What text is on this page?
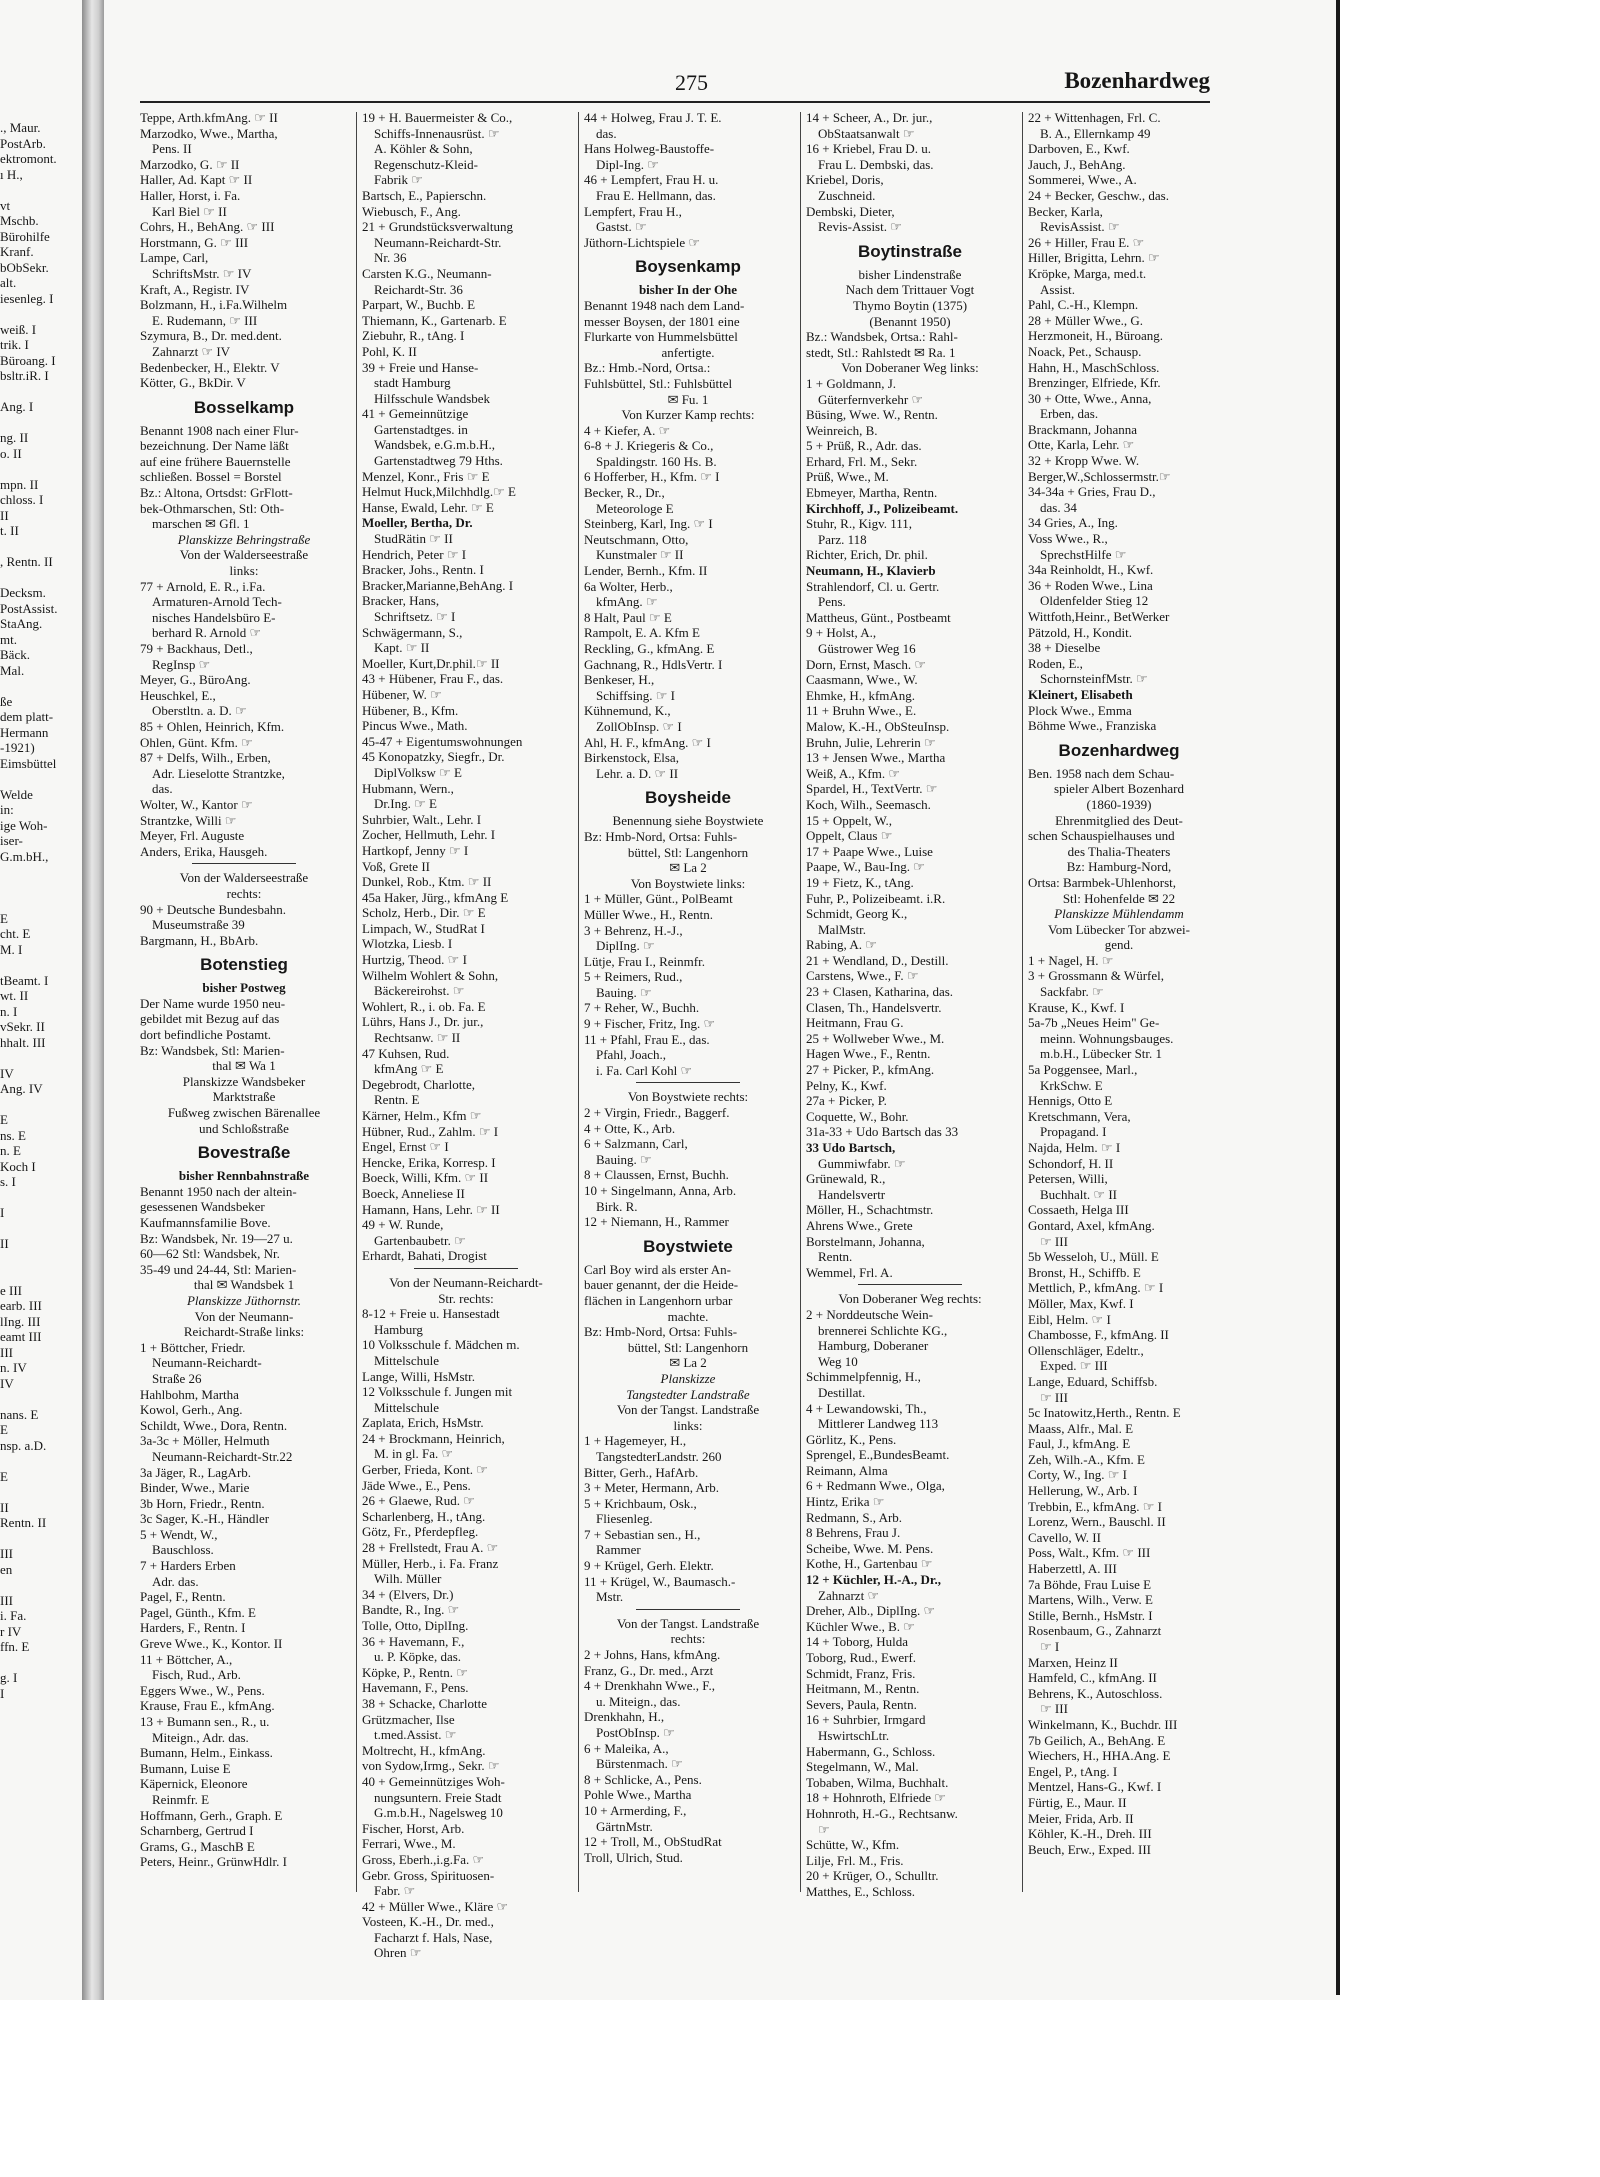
., Maur.
PostArb.
ektromont.
ı H.,

vt
Mschb.
Bürohilfe
Kranf.
bObSekr.
alt.
iesenleg. I

weiß. I
trik. I
Büroang. I
bsltr.iR. I

Ang. I

ng. II
o. II

mpn. II
chloss. I
II
t. II

, Rentn. II

Decksm.
PostAssist.
StaAng.
mt.
Bäck.
Mal.

ße
dem platt-
Hermann
-1921)
Eimsbüttel

Welde
in:
ige Woh-
iser-
G.m.bH.,

E
cht. E
M. I

tBeamt. I
wt. II
n. I
vSekr. II
hhalt. III

IV
Ang. IV

E
ns. E
n. E
Koch I
s. I

I

II

e III
earb. III
lIng. III
eamt III
III
n. IV
IV

nans. E
E
nsp. a.D.

E

II
Rentn. II

III
en

III
i. Fa.
r IV
ffn. E

g. I
I
275	Bozenhardweg
Teppe, Arth.kfmAng. ☞ II
Marzodko, Wwe., Martha,
Pens. II
Marzodko, G. ☞ II
Haller, Ad. Kapt ☞ II
Haller, Horst, i. Fa.
Karl Biel ☞ II
Cohrs, H., BehAng. ☞ III
Horstmann, G. ☞ III
Lampe, Carl,
SchriftsMstr. ☞ IV
Kraft, A., Registr. IV
Bolzmann, H., i.Fa.Wilhelm
E. Rudemann, ☞ III
Szymura, B., Dr. med.dent.
Zahnarzt ☞ IV
Bedenbecker, H., Elektr. V
Kötter, G., BkDir. V
Bosselkamp
Benannt 1908 nach einer Flur-
bezeichnung. Der Name läßt
auf eine frühere Bauernstelle
schließen. Bossel = Borstel
Bz.: Altona, Ortsdst: GrFlott-
bek-Othmarschen, Stl: Oth-
marschen ✉ Gfl. 1
Planskizze Behringstraße
Von der Walderseestraße
links:
77 + Arnold, E. R., i.Fa.
Armaturen-Arnold Tech-
nisches Handelsbüro E-
berhard R. Arnold ☞
79 + Backhaus, Detl.,
RegInsp ☞
Meyer, G., BüroAng.
Heuschkel, E.,
Oberstltn. a. D. ☞
85 + Ohlen, Heinrich, Kfm.
Ohlen, Günt. Kfm. ☞
87 + Delfs, Wilh., Erben,
Adr. Lieselotte Strantzke,
das.
Wolter, W., Kantor ☞
Strantzke, Willi ☞
Meyer, Frl. Auguste
Anders, Erika, Hausgeh.
Von der Walderseestraße
rechts:
90 + Deutsche Bundesbahn.
Museumstraße 39
Bargmann, H., BbArb.
Botenstieg
bisher Postweg
Der Name wurde 1950 neu-
gebildet mit Bezug auf das
dort befindliche Postamt.
Bz: Wandsbek, Stl: Marien-
thal ✉ Wa 1
Planskizze Wandsbeker
Marktstraße
Fußweg zwischen Bärenallee
und Schloßstraße
Bovestraße
bisher Rennbahnstraße
Benannt 1950 nach der altein-
gesessenen Wandsbeker
Kaufmannsfamilie Bove.
Bz: Wandsbek, Nr. 19—27 u.
60—62 Stl: Wandsbek, Nr.
35-49 und 24-44, Stl: Marien-
thal ✉ Wandsbek 1
Planskizze Jüthornstr.
Von der Neumann-
Reichardt-Straße links:
1 + Böttcher, Friedr.
Neumann-Reichardt-
Straße 26
Hahlbohm, Martha
Kowol, Gerh., Ang.
Schildt, Wwe., Dora, Rentn.
3a-3c + Möller, Helmuth
Neumann-Reichardt-Str.22
3a Jäger, R., LagArb.
Binder, Wwe., Marie
3b Horn, Friedr., Rentn.
3c Sager, K.-H., Händler
5 + Wendt, W.,
Bauschloss.
7 + Harders Erben
Adr. das.
Pagel, F., Rentn.
Pagel, Günth., Kfm. E
Harders, F., Rentn. I
Greve Wwe., K., Kontor. II
11 + Böttcher, A.,
Fisch, Rud., Arb.
Eggers Wwe., W., Pens.
Krause, Frau E., kfmAng.
13 + Bumann sen., R., u.
Miteign., Adr. das.
Bumann, Helm., Einkass.
Bumann, Luise E
Käpernick, Eleonore
Reinmfr. E
Hoffmann, Gerh., Graph. E
Scharnberg, Gertrud I
Grams, G., MaschB E
Peters, Heinr., GrünwHdlr. I
19 + H. Bauermeister & Co.,
Schiffs-Innenausrüst. ☞
A. Köhler & Sohn,
Regenschutz-Kleid-
Fabrik ☞
Bartsch, E., Papierschn.
Wiebusch, F., Ang.
21 + Grundstücksverwaltung
Neumann-Reichardt-Str.
Nr. 36
Carsten K.G., Neumann-
Reichardt-Str. 36
Parpart, W., Buchb. E
Thiemann, K., Gartenarb. E
Ziebuhr, R., tAng. I
Pohl, K. II
39 + Freie und Hanse-
stadt Hamburg
Hilfsschule Wandsbek
41 + Gemeinnützige
Gartenstadtges. in
Wandsbek, e.G.m.b.H.,
Gartenstadtweg 79 Hths.
Menzel, Konr., Fris ☞ E
Helmut Huck,Milchhdlg.☞ E
Hanse, Ewald, Lehr. ☞ E
Moeller, Bertha, Dr.
StudRätin ☞ II
Hendrich, Peter ☞ I
Bracker, Johs., Rentn. I
Bracker,Marianne,BehAng. I
Bracker, Hans,
Schriftsetz. ☞ I
Schwägermann, S.,
Kapt. ☞ II
Moeller, Kurt,Dr.phil.☞ II
43 + Hübener, Frau F., das.
Hübener, W. ☞
Hübener, B., Kfm.
Pincus Wwe., Math.
45-47 + Eigentumswohnungen
45 Konopatzky, Siegfr., Dr.
DiplVolksw ☞ E
Hubmann, Wern.,
Dr.Ing. ☞ E
Suhrbier, Walt., Lehr. I
Zocher, Hellmuth, Lehr. I
Hartkopf, Jenny ☞ I
Voß, Grete II
Dunkel, Rob., Ktm. ☞ II
45a Haker, Jürg., kfmAng E
Scholz, Herb., Dir. ☞ E
Limpach, W., StudRat I
Wlotzka, Liesb. I
Hurtzig, Theod. ☞ I
Wilhelm Wohlert & Sohn,
Bäckereirohst. ☞
Wohlert, R., i. ob. Fa. E
Lührs, Hans J., Dr. jur.,
Rechtsanw. ☞ II
47 Kuhsen, Rud.
kfmAng ☞ E
Degebrodt, Charlotte,
Rentn. E
Kärner, Helm., Kfm ☞
Hübner, Rud., Zahlm. ☞ I
Engel, Ernst ☞ I
Hencke, Erika, Korresp. I
Boeck, Willi, Kfm. ☞ II
Boeck, Anneliese II
Hamann, Hans, Lehr. ☞ II
49 + W. Runde,
Gartenbaubetr. ☞
Erhardt, Bahati, Drogist
Von der Neumann-Reichardt-
Str. rechts:
8-12 + Freie u. Hansestadt
Hamburg
10 Volksschule f. Mädchen m.
Mittelschule
Lange, Willi, HsMstr.
12 Volksschule f. Jungen mit
Mittelschule
Zaplata, Erich, HsMstr.
24 + Brockmann, Heinrich,
M. in gl. Fa. ☞
Gerber, Frieda, Kont. ☞
Jäde Wwe., E., Pens.
26 + Glaewe, Rud. ☞
Scharlenberg, H., tAng.
Götz, Fr., Pferdepfleg.
28 + Frellstedt, Frau A. ☞
Müller, Herb., i. Fa. Franz
Wilh. Müller
34 + (Elvers, Dr.)
Bandte, R., Ing. ☞
Tolle, Otto, DiplIng.
36 + Havemann, F.,
u. P. Köpke, das.
Köpke, P., Rentn. ☞
Havemann, F., Pens.
38 + Schacke, Charlotte
Grützmacher, Ilse
t.med.Assist. ☞
Moltrecht, H., kfmAng.
von Sydow,Irmg., Sekr. ☞
40 + Gemeinnütziges Woh-
nungsuntern. Freie Stadt
G.m.b.H., Nagelsweg 10
Fischer, Horst, Arb.
Ferrari, Wwe., M.
Gross, Eberh.,i.g.Fa. ☞
Gebr. Gross, Spirituosen-
Fabr. ☞
42 + Müller Wwe., Kläre ☞
Vosteen, K.-H., Dr. med.,
Facharzt f. Hals, Nase,
Ohren ☞
44 + Holweg, Frau J. T. E.
das.
Hans Holweg-Baustoffe-
Dipl-Ing. ☞
46 + Lempfert, Frau H. u.
Frau E. Hellmann, das.
Lempfert, Frau H.,
Gastst. ☞
Jüthorn-Lichtspiele ☞
Boysenkamp
bisher In der Ohe
Benannt 1948 nach dem Land-
messer Boysen, der 1801 eine
Flurkarte von Hummelsbüttel
anfertigte.
Bz.: Hmb.-Nord, Ortsa.:
Fuhlsbüttel, Stl.: Fuhlsbüttel
✉ Fu. 1
Von Kurzer Kamp rechts:
4 + Kiefer, A. ☞
6-8 + J. Kriegeris & Co.,
Spaldingstr. 160 Hs. B.
6 Hofferber, H., Kfm. ☞ I
Becker, R., Dr.,
Meteorologe E
Steinberg, Karl, Ing. ☞ I
Neutschmann, Otto,
Kunstmaler ☞ II
Lender, Bernh., Kfm. II
6a Wolter, Herb.,
kfmAng. ☞
8 Halt, Paul ☞ E
Rampolt, E. A. Kfm E
Reckling, G., kfmAng. E
Gachnang, R., HdlsVertr. I
Benkeser, H.,
Schiffsing. ☞ I
Kühnemund, K.,
ZollObInsp. ☞ I
Ahl, H. F., kfmAng. ☞ I
Birkenstock, Elsa,
Lehr. a. D. ☞ II
Boysheide
Benennung siehe Boystwiete
Bz: Hmb-Nord, Ortsa: Fuhls-
büttel, Stl: Langenhorn
✉ La 2
Von Boystwiete links:
1 + Müller, Günt., PolBeamt
Müller Wwe., H., Rentn.
3 + Behrenz, H.-J.,
DiplIng. ☞
Lütje, Frau I., Reinmfr.
5 + Reimers, Rud.,
Bauing. ☞
7 + Reher, W., Buchh.
9 + Fischer, Fritz, Ing. ☞
11 + Pfahl, Frau E., das.
Pfahl, Joach.,
i. Fa. Carl Kohl ☞
Von Boystwiete rechts:
2 + Virgin, Friedr., Baggerf.
4 + Otte, K., Arb.
6 + Salzmann, Carl,
Bauing. ☞
8 + Claussen, Ernst, Buchh.
10 + Singelmann, Anna, Arb.
Birk. R.
12 + Niemann, H., Rammer
Boystwiete
Carl Boy wird als erster An-
bauer genannt, der die Heide-
flächen in Langenhorn urbar
machte.
Bz: Hmb-Nord, Ortsa: Fuhls-
büttel, Stl: Langenhorn
✉ La 2
Planskizze
Tangstedter Landstraße
Von der Tangst. Landstraße
links:
1 + Hagemeyer, H.,
TangstedterLandstr. 260
Bitter, Gerh., HafArb.
3 + Meter, Hermann, Arb.
5 + Krichbaum, Osk.,
Fliesenleg.
7 + Sebastian sen., H.,
Rammer
9 + Krügel, Gerh. Elektr.
11 + Krügel, W., Baumasch.-
Mstr.
Von der Tangst. Landstraße
rechts:
2 + Johns, Hans, kfmAng.
Franz, G., Dr. med., Arzt
4 + Drenkhahn Wwe., F.,
u. Miteign., das.
Drenkhahn, H.,
PostObInsp. ☞
6 + Maleika, A.,
Bürstenmach. ☞
8 + Schlicke, A., Pens.
Pohle Wwe., Martha
10 + Armerding, F.,
GärtnMstr.
12 + Troll, M., ObStudRat
Troll, Ulrich, Stud.
14 + Scheer, A., Dr. jur.,
ObStaatsanwalt ☞
16 + Kriebel, Frau D. u.
Frau L. Dembski, das.
Kriebel, Doris,
Zuschneid.
Dembski, Dieter,
Revis-Assist. ☞
Boytinstraße
bisher Lindenstraße
Nach dem Trittauer Vogt
Thymo Boytin (1375)
(Benannt 1950)
Bz.: Wandsbek, Ortsa.: Rahl-
stedt, Stl.: Rahlstedt ✉ Ra. 1
Von Doberaner Weg links:
1 + Goldmann, J.
Güterfernverkehr ☞
Büsing, Wwe. W., Rentn.
Weinreich, B.
5 + Prüß, R., Adr. das.
Erhard, Frl. M., Sekr.
Prüß, Wwe., M.
Ebmeyer, Martha, Rentn.
Kirchhoff, J., Polizeibeamt.
Stuhr, R., Kigv. 111,
Parz. 118
Richter, Erich, Dr. phil.
Neumann, H., Klavierb
Strahlendorf, Cl. u. Gertr.
Pens.
Mattheus, Günt., Postbeamt
9 + Holst, A.,
Güstrower Weg 16
Dorn, Ernst, Masch. ☞
Caasmann, Wwe., W.
Ehmke, H., kfmAng.
11 + Bruhn Wwe., E.
Malow, K.-H., ObSteuInsp.
Bruhn, Julie, Lehrerin ☞
13 + Jensen Wwe., Martha
Weiß, A., Kfm. ☞
Spardel, H., TextVertr. ☞
Koch, Wilh., Seemasch.
15 + Oppelt, W.,
Oppelt, Claus ☞
17 + Paape Wwe., Luise
Paape, W., Bau-Ing. ☞
19 + Fietz, K., tAng.
Fuhr, P., Polizeibeamt. i.R.
Schmidt, Georg K.,
MalMstr.
Rabing, A. ☞
21 + Wendland, D., Destill.
Carstens, Wwe., F. ☞
23 + Clasen, Katharina, das.
Clasen, Th., Handelsvertr.
Heitmann, Frau G.
25 + Wollweber Wwe., M.
Hagen Wwe., F., Rentn.
27 + Picker, P., kfmAng.
Pelny, K., Kwf.
27a + Picker, P.
Coquette, W., Bohr.
31a-33 + Udo Bartsch das 33
33 Udo Bartsch,
Gummiwfabr. ☞
Grünewald, R.,
Handelsvertr
Möller, H., Schachtmstr.
Ahrens Wwe., Grete
Borstelmann, Johanna,
Rentn.
Wemmel, Frl. A.
Von Doberaner Weg rechts:
2 + Norddeutsche Wein-
brennerei Schlichte KG.,
Hamburg, Doberaner
Weg 10
Schimmelpfennig, H.,
Destillat.
4 + Lewandowski, Th.,
Mittlerer Landweg 113
Görlitz, K., Pens.
Sprengel, E.,BundesBeamt.
Reimann, Alma
6 + Redmann Wwe., Olga,
Hintz, Erika ☞
Redmann, S., Arb.
8 Behrens, Frau J.
Scheibe, Wwe. M. Pens.
Kothe, H., Gartenbau ☞
12 + Küchler, H.-A., Dr.,
Zahnarzt ☞
Dreher, Alb., DiplIng. ☞
Küchler Wwe., B. ☞
14 + Toborg, Hulda
Toborg, Rud., Ewerf.
Schmidt, Franz, Fris.
Heitmann, M., Rentn.
Severs, Paula, Rentn.
16 + Suhrbier, Irmgard
HswirtschLtr.
Habermann, G., Schloss.
Stegelmann, W., Mal.
Tobaben, Wilma, Buchhalt.
18 + Hohnroth, Elfriede ☞
Hohnroth, H.-G., Rechtsanw.
☞
Schütte, W., Kfm.
Lilje, Frl. M., Fris.
20 + Krüger, O., Schulltr.
Matthes, E., Schloss.
22 + Wittenhagen, Frl. C.
B. A., Ellernkamp 49
Darboven, E., Kwf.
Jauch, J., BehAng.
Sommerei, Wwe., A.
24 + Becker, Geschw., das.
Becker, Karla,
RevisAssist. ☞
26 + Hiller, Frau E. ☞
Hiller, Brigitta, Lehrn. ☞
Kröpke, Marga, med.t.
Assist.
Pahl, C.-H., Klempn.
28 + Müller Wwe., G.
Herzmoneit, H., Büroang.
Noack, Pet., Schausp.
Hahn, H., MaschSchloss.
Brenzinger, Elfriede, Kfr.
30 + Otte, Wwe., Anna,
Erben, das.
Brackmann, Johanna
Otte, Karla, Lehr. ☞
32 + Kropp Wwe. W.
Berger,W.,Schlossermstr.☞
34-34a + Gries, Frau D.,
das. 34
34 Gries, A., Ing.
Voss Wwe., R.,
SprechstHilfe ☞
34a Reinholdt, H., Kwf.
36 + Roden Wwe., Lina
Oldenfelder Stieg 12
Wittfoth,Heinr., BetWerker
Pätzold, H., Kondit.
38 + Dieselbe
Roden, E.,
SchornsteinfMstr. ☞
Kleinert, Elisabeth
Plock Wwe., Emma
Böhme Wwe., Franziska
Bozenhardweg
Ben. 1958 nach dem Schau-
spieler Albert Bozenhard
(1860-1939)
Ehrenmitglied des Deut-
schen Schauspielhauses und
des Thalia-Theaters
Bz: Hamburg-Nord,
Ortsa: Barmbek-Uhlenhorst,
Stl: Hohenfelde ✉ 22
Planskizze Mühlendamm
Vom Lübecker Tor abzwei-
gend.
1 + Nagel, H. ☞
3 + Grossmann & Würfel,
Sackfabr. ☞
Krause, K., Kwf. I
5a-7b „Neues Heim" Ge-
meinn. Wohnungsbauges.
m.b.H., Lübecker Str. 1
5a Poggensee, Marl.,
KrkSchw. E
Hennigs, Otto E
Kretschmann, Vera,
Propagand. I
Najda, Helm. ☞ I
Schondorf, H. II
Petersen, Willi,
Buchhalt. ☞ II
Cossaeth, Helga III
Gontard, Axel, kfmAng.
☞ III
5b Wesseloh, U., Müll. E
Bronst, H., Schiffb. E
Mettlich, P., kfmAng. ☞ I
Möller, Max, Kwf. I
Eibl, Helm. ☞ I
Chambosse, F., kfmAng. II
Ollenschläger, Edeltr.,
Exped. ☞ III
Lange, Eduard, Schiffsb.
☞ III
5c Inatowitz,Herth., Rentn. E
Maass, Alfr., Mal. E
Faul, J., kfmAng. E
Zeh, Wilh.-A., Kfm. E
Corty, W., Ing. ☞ I
Hellerung, W., Arb. I
Trebbin, E., kfmAng. ☞ I
Lorenz, Wern., Bauschl. II
Cavello, W. II
Poss, Walt., Kfm. ☞ III
Haberzettl, A. III
7a Böhde, Frau Luise E
Martens, Wilh., Verw. E
Stille, Bernh., HsMstr. I
Rosenbaum, G., Zahnarzt
☞ I
Marxen, Heinz II
Hamfeld, C., kfmAng. II
Behrens, K., Autoschloss.
☞ III
Winkelmann, K., Buchdr. III
7b Geilich, A., BehAng. E
Wiechers, H., HHA.Ang. E
Engel, P., tAng. I
Mentzel, Hans-G., Kwf. I
Fürtig, E., Maur. II
Meier, Frida, Arb. II
Köhler, K.-H., Dreh. III
Beuch, Erw., Exped. III
